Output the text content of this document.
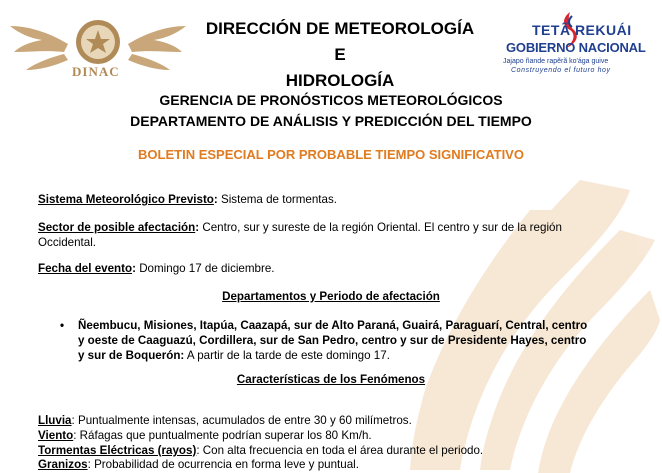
DINAC
DIRECCIÓN DE METEOROLOGÍA E
HIDROLOGÍA
TETÃ REKUÁI
GOBIERNO NACIONAL
Jajapo ñande rapẽrã ko'ága guive
Construyendo el futuro hoy
GERENCIA DE PRONÓSTICOS METEOROLÓGICOS
DEPARTAMENTO DE ANÁLISIS Y PREDICCIÓN DEL TIEMPO
BOLETIN ESPECIAL POR PROBABLE TIEMPO SIGNIFICATIVO

Sistema Meteorológico Previsto: Sistema de tormentas.

Sector de posible afectación: Centro, sur y sureste de la región Oriental. El centro y sur de la región
Occidental.

Fecha del evento: Domingo 17 de diciembre.

Departamentos y Periodo de afectación

• Ñeembucu, Misiones, Itapúa, Caazapá, sur de Alto Paraná, Guairá, Paraguarí, Central, centro
y oeste de Caaguazú, Cordillera, sur de San Pedro, centro y sur de Presidente Hayes, centro
y sur de Boquerón: A partir de la tarde de este domingo 17.

Características de los Fenómenos

Lluvia: Puntualmente intensas, acumulados de entre 30 y 60 milímetros.

Viento: Ráfagas que puntualmente podrían superar los 80 Km/h.

Tormentas Eléctricas (rayos): Con alta frecuencia en toda el área durante el periodo.

Granizos: Probabilidad de ocurrencia en forma leve y puntual.
